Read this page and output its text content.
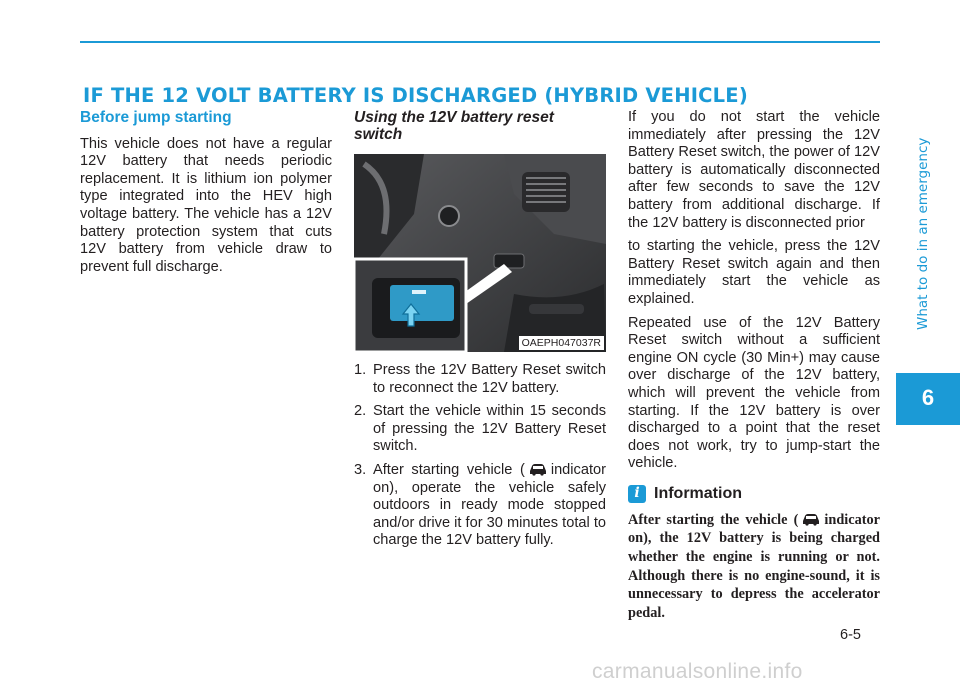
IF THE 12 VOLT BATTERY IS DISCHARGED (HYBRID VEHICLE)
Before jump starting

This vehicle does not have a regular 12V battery that needs periodic replacement. It is lithium ion polymer type integrated into the HEV high voltage battery. The vehicle has a 12V battery protection system that cuts 12V battery from vehicle draw to prevent full discharge.

Using the 12V battery reset switch
OAEPH047037R
1. Press the 12V Battery Reset switch to reconnect the 12V battery.
2. Start the vehicle within 15 seconds of pressing the 12V Battery Reset switch.
3. After starting vehicle ( indicator on), operate the vehicle safely outdoors in ready mode stopped and/or drive it for 30 minutes total to charge the 12V battery fully.

If you do not start the vehicle immediately after pressing the 12V Battery Reset switch, the power of 12V battery is automatically disconnected after few seconds to save the 12V battery from additional discharge. If the 12V battery is disconnected prior

to starting the vehicle, press the 12V Battery Reset switch again and then immediately start the vehicle as explained.

Repeated use of the 12V Battery Reset switch without a sufficient engine ON cycle (30 Min+) may cause over discharge of the 12V battery, which will prevent the vehicle from starting. If the 12V battery is over discharged to a point that the reset does not work, try to jump-start the vehicle.

i Information

After starting the vehicle ( indicator on), the 12V battery is being charged whether the engine is running or not. Although there is no engine-sound, it is unnecessary to depress the accelerator pedal.

What to do in an emergency
6
6-5
carmanualsonline.info
